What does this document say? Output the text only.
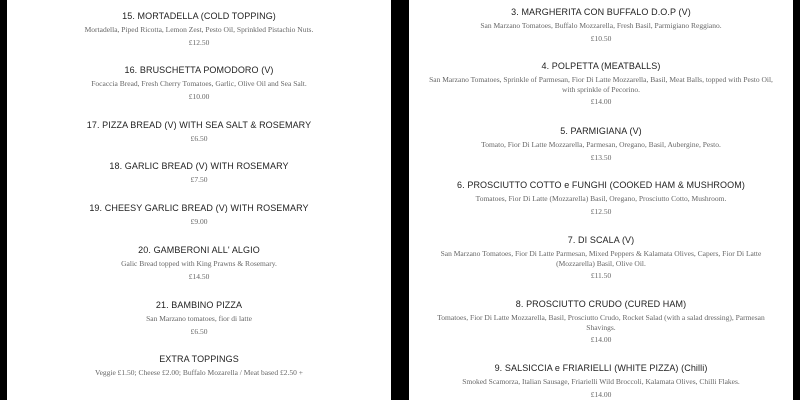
15. MORTADELLA (COLD TOPPING)
Mortadella, Piped Ricotta, Lemon Zest, Pesto Oil, Sprinkled Pistachio Nuts.
£12.50
16. BRUSCHETTA POMODORO (V)
Focaccia Bread, Fresh Cherry Tomatoes, Garlic, Olive Oil and Sea Salt.
£10.00
17. PIZZA BREAD (V) WITH SEA SALT & ROSEMARY
£6.50
18. GARLIC BREAD (V) WITH ROSEMARY
£7.50
19. CHEESY GARLIC BREAD (V) WITH ROSEMARY
£9.00
20. GAMBERONI ALL' ALGIO
Galic Bread topped with King Prawns & Rosemary.
£14.50
21. BAMBINO PIZZA
San Marzano tomatoes, fior di latte
£6.50
EXTRA TOPPINGS
Veggie £1.50; Cheese £2.00; Buffalo Mozarella / Meat based £2.50 +
3. MARGHERITA CON BUFFALO D.O.P (V)
San Marzano Tomatoes, Buffalo Mozzarella, Fresh Basil, Parmigiano Reggiano.
£10.50
4. POLPETTA (MEATBALLS)
San Marzano Tomatoes, Sprinkle of Parmesan, Fior Di Latte Mozzarella, Basil, Meat Balls, topped with Pesto Oil, with sprinkle of Pecorino.
£14.00
5. PARMIGIANA (V)
Tomato, Fior Di Latte Mozzarella, Parmesan, Oregano, Basil, Aubergine, Pesto.
£13.50
6. PROSCIUTTO COTTO e FUNGHI (COOKED HAM & MUSHROOM)
Tomatoes, Fior Di Latte (Mozzarella) Basil, Oregano, Prosciutto Cotto, Mushroom.
£12.50
7. DI SCALA (V)
San Marzano Tomatoes, Fior Di Latte Parmesan, Mixed Peppers & Kalamata Olives, Capers, Fior Di Latte (Mozzarella) Basil, Olive Oil.
£11.50
8. PROSCIUTTO CRUDO (CURED HAM)
Tomatoes, Fior Di Latte Mozzarella, Basil, Prosciutto Crudo, Rocket Salad (with a salad dressing), Parmesan Shavings.
£14.00
9. SALSICCIA e FRIARIELLI (WHITE PIZZA) (Chilli)
Smoked Scamorza, Italian Sausage, Friarielli Wild Broccoli, Kalamata Olives, Chilli Flakes.
£14.00
